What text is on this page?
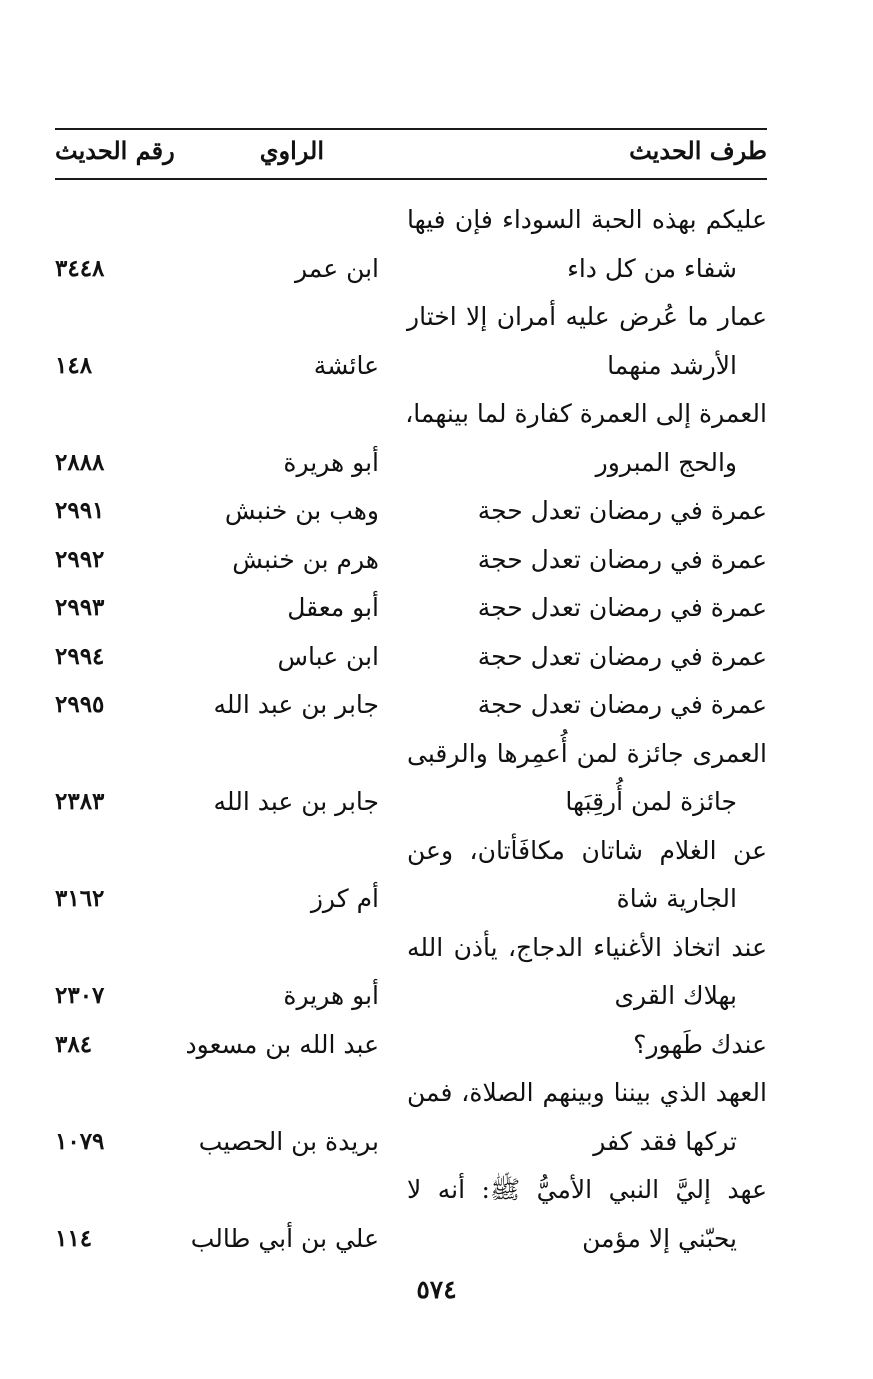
طرف الحديث
الراوي
رقم الحديث
عليكم بهذه الحبة السوداء فإن فيها
شفاء من كل داء
ابن عمر
٣٤٤٨
عمار ما عُرض عليه أمران إلا اختار
الأرشد منهما
عائشة
١٤٨
العمرة إلى العمرة كفارة لما بينهما،
والحج المبرور
أبو هريرة
٢٨٨٨
عمرة في رمضان تعدل حجة
وهب بن خنبش
٢٩٩١
عمرة في رمضان تعدل حجة
هرم بن خنبش
٢٩٩٢
عمرة في رمضان تعدل حجة
أبو معقل
٢٩٩٣
عمرة في رمضان تعدل حجة
ابن عباس
٢٩٩٤
عمرة في رمضان تعدل حجة
جابر بن عبد الله
٢٩٩٥
العمرى جائزة لمن أُعمِرها والرقبى
جائزة لمن أُرقِبَها
جابر بن عبد الله
٢٣٨٣
عن الغلام شاتان مكافَأتان، وعن
الجارية شاة
أم كرز
٣١٦٢
عند اتخاذ الأغنياء الدجاج، يأذن الله
بهلاك القرى
أبو هريرة
٢٣٠٧
عندك طَهور؟
عبد الله بن مسعود
٣٨٤
العهد الذي بيننا وبينهم الصلاة، فمن
تركها فقد كفر
بريدة بن الحصيب
١٠٧٩
عهد إليَّ النبي الأميُّ ﷺ: أنه لا
يحبّني إلا مؤمن
علي بن أبي طالب
١١٤
٥٧٤
